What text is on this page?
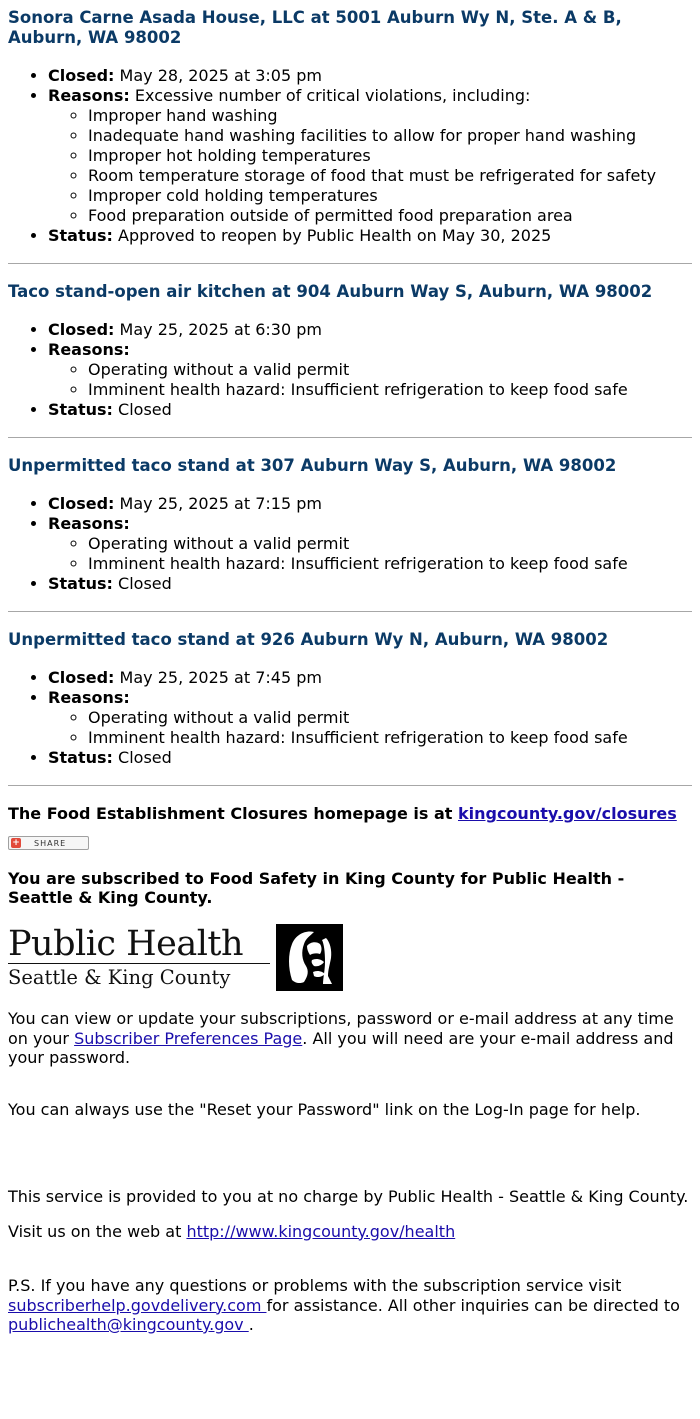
Sonora Carne Asada House, LLC at 5001 Auburn Wy N, Ste. A & B, Auburn, WA 98002
• Closed: May 28, 2025 at 3:05 pm
• Reasons: Excessive number of critical violations, including:
◦ Improper hand washing
◦ Inadequate hand washing facilities to allow for proper hand washing
◦ Improper hot holding temperatures
◦ Room temperature storage of food that must be refrigerated for safety
◦ Improper cold holding temperatures
◦ Food preparation outside of permitted food preparation area
• Status: Approved to reopen by Public Health on May 30, 2025
Taco stand-open air kitchen at 904 Auburn Way S, Auburn, WA 98002
• Closed: May 25, 2025 at 6:30 pm
• Reasons:
◦ Operating without a valid permit
◦ Imminent health hazard: Insufficient refrigeration to keep food safe
• Status: Closed
Unpermitted taco stand at 307 Auburn Way S, Auburn, WA 98002
• Closed: May 25, 2025 at 7:15 pm
• Reasons:
◦ Operating without a valid permit
◦ Imminent health hazard: Insufficient refrigeration to keep food safe
• Status: Closed
Unpermitted taco stand at 926 Auburn Wy N, Auburn, WA 98002
• Closed: May 25, 2025 at 7:45 pm
• Reasons:
◦ Operating without a valid permit
◦ Imminent health hazard: Insufficient refrigeration to keep food safe
• Status: Closed

The Food Establishment Closures homepage is at kingcounty.gov/closures

+	SHARE

You are subscribed to Food Safety in King County for Public Health - Seattle & King County.

Public Health
Seattle & King County

You can view or update your subscriptions, password or e-mail address at any time on your Subscriber Preferences Page. All you will need are your e-mail address and your password.

You can always use the "Reset your Password" link on the Log-In page for help.

This service is provided to you at no charge by Public Health - Seattle & King County.

Visit us on the web at http://www.kingcounty.gov/health

P.S. If you have any questions or problems with the subscription service visit subscriberhelp.govdelivery.com for assistance. All other inquiries can be directed to publichealth@kingcounty.gov .
